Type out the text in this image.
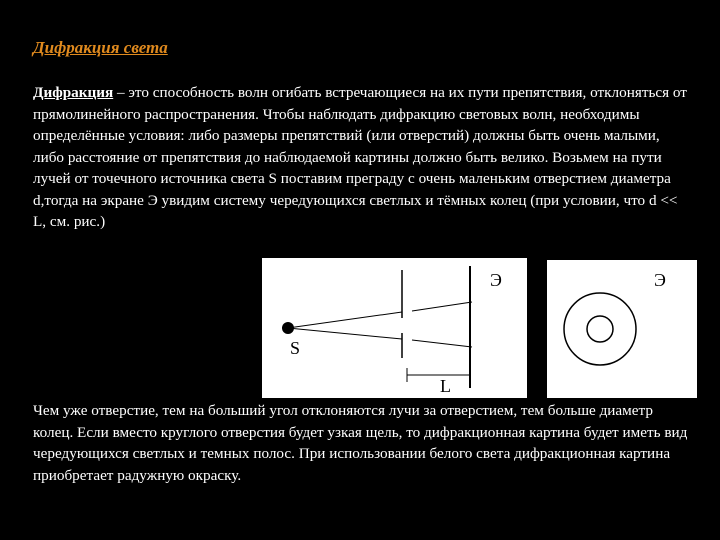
Дифракция света
Дифракция – это способность волн огибать встречающиеся на их пути препятствия, отклоняться от прямолинейного распространения. Чтобы наблюдать дифракцию световых волн, необходимы определённые условия: либо размеры препятствий (или отверстий) должны быть очень малыми, либо расстояние от препятствия до наблюдаемой картины должно быть велико. Возьмем на пути лучей от точечного источника света S поставим преграду с очень маленьким отверстием диаметра d,тогда на экране Э увидим систему чередующихся светлых и тёмных колец (при условии, что d << L, см. рис.)
S
Э
L
Э
Чем уже отверстие, тем на больший угол отклоняются лучи за отверстием, тем больше диаметр колец. Если вместо круглого отверстия будет узкая щель, то дифракционная картина будет иметь вид чередующихся светлых и темных полос. При использовании белого света дифракционная картина приобретает радужную окраску.
